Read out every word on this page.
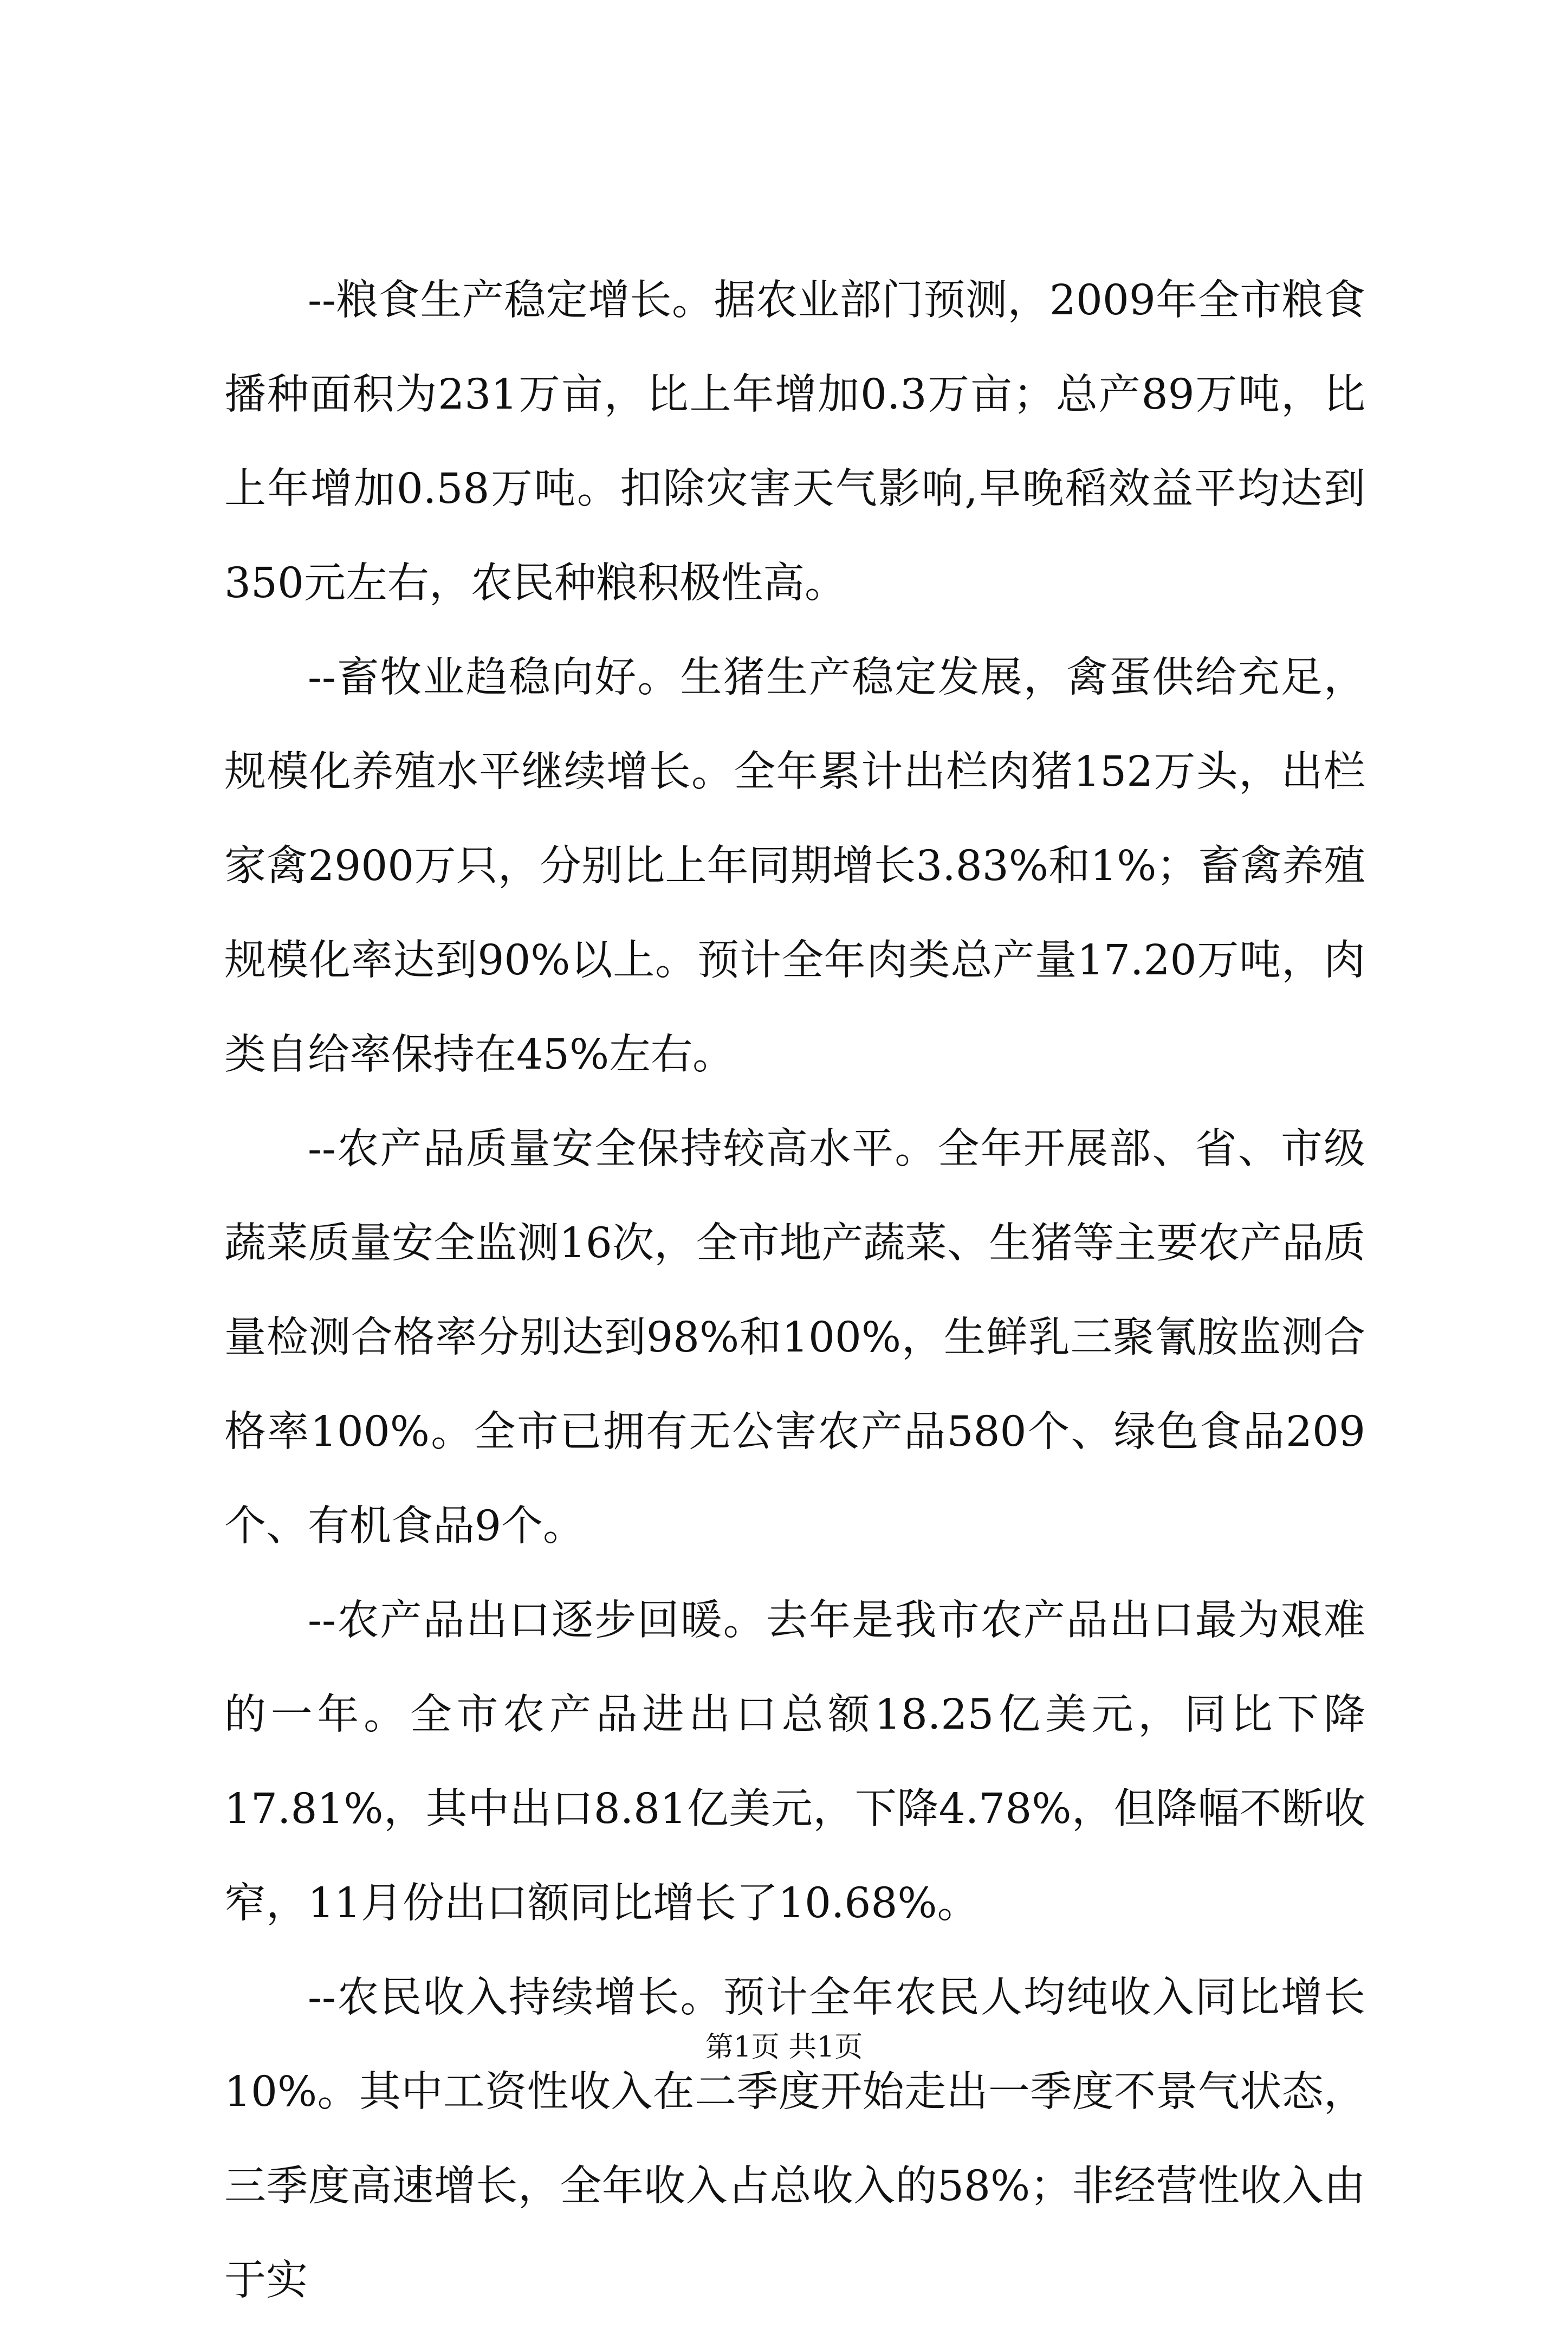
--粮食生产稳定增长。据农业部门预测，2009年全市粮食播种面积为231万亩，比上年增加0.3万亩；总产89万吨，比上年增加0.58万吨。扣除灾害天气影响,早晚稻效益平均达到350元左右，农民种粮积极性高。

--畜牧业趋稳向好。生猪生产稳定发展，禽蛋供给充足，规模化养殖水平继续增长。全年累计出栏肉猪152万头，出栏家禽2900万只，分别比上年同期增长3.83%和1%；畜禽养殖规模化率达到90%以上。预计全年肉类总产量17.20万吨，肉类自给率保持在45%左右。

--农产品质量安全保持较高水平。全年开展部、省、市级蔬菜质量安全监测16次，全市地产蔬菜、生猪等主要农产品质量检测合格率分别达到98%和100%，生鲜乳三聚氰胺监测合格率100%。全市已拥有无公害农产品580个、绿色食品209个、有机食品9个。

--农产品出口逐步回暖。去年是我市农产品出口最为艰难的一年。全市农产品进出口总额18.25亿美元，同比下降17.81%，其中出口8.81亿美元，下降4.78%，但降幅不断收窄，11月份出口额同比增长了10.68%。

--农民收入持续增长。预计全年农民人均纯收入同比增长10%。其中工资性收入在二季度开始走出一季度不景气状态，三季度高速增长，全年收入占总收入的58%；非经营性收入由于实

第1页 共1页
